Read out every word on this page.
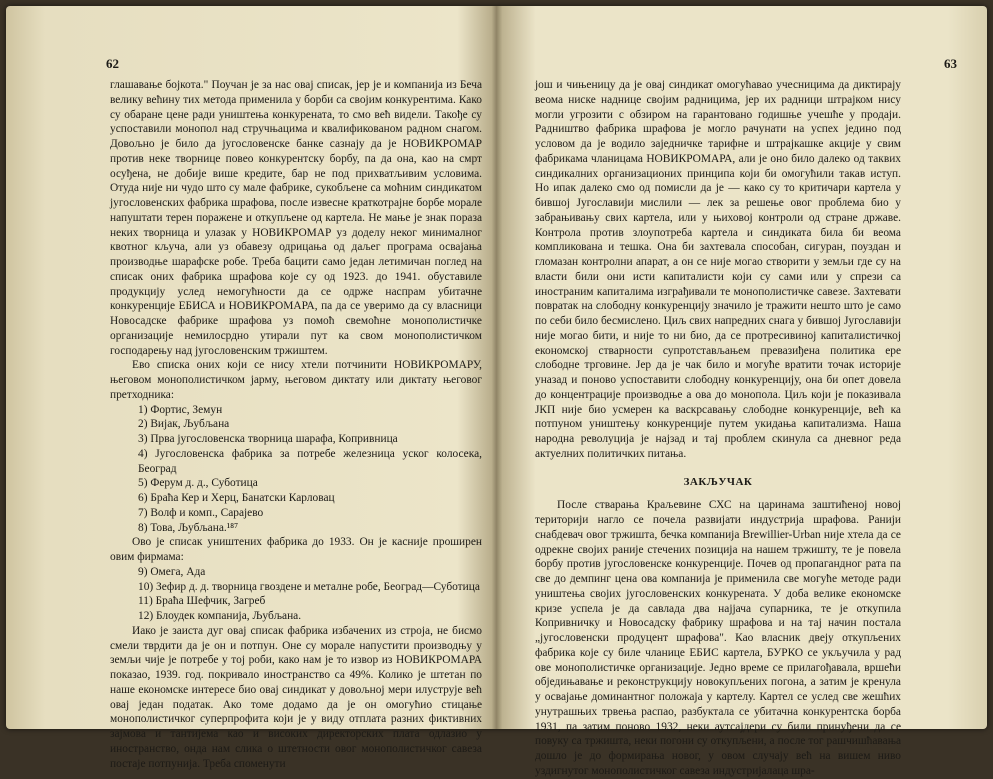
62

глашавање бојкота." Поучан је за нас овај списак, јер је и компанија из Беча велику већину тих метода применила у борби са својим конкурентима. Како су обаране цене ради уништења конкурената, то смо већ видели. Такође су успоставили монопол над стручњацима и квалификованом радном снагом. Довољно је било да југословенске банке сазнају да је НОВИКРОМАР против неке творнице повео конкурентску борбу, па да она, као на смрт осуђена, не добије више кредите, бар не под прихватљивим условима. Отуда није ни чудо што су мале фабрике, сукобљене са моћним синдикатом југословенских фабрика шрафова, после извесне краткотрајне борбе морале напуштати терен поражене и откупљене од картела. Не мање је знак пораза неких творница и улазак у НОВИКРОМАР уз доделу неког минималног квотног кључа, али уз обавезу одрицања од даљег програма освајања производње шарафске робе. Треба бацити само један летимичан поглед на списак оних фабрика шрафова које су од 1923. до 1941. обуставиле продукцију услед немогућности да се одрже наспрам убитачне конкуренције ЕБИСА и НОВИКРОМАРА, па да се уверимо да су власници Новосадске фабрике шрафова уз помоћ свемоћне монополистичке организације немилосрдно утирали пут ка свом монополистичком господарењу над југословенским тржиштем.

Ево списка оних који се нису хтели потчинити НОВИКРОМАРУ, његовом монополистичком јарму, његовом диктату или диктату његовог претходника:

1) Фортис, Земун
2) Вијак, Љубљана
3) Прва југословенска творница шарафа, Копривница
4) Југословенска фабрика за потребе железница уског колосека, Београд
5) Ферум д. д., Суботица
6) Браћа Кер и Херц, Банатски Карловац
7) Волф и комп., Сарајево
8) Това, Љубљана.¹⁸⁷

Ово је списак уништених фабрика до 1933. Он је касније проширен овим фирмама:

9) Омега, Ада
10) Зефир д. д. творница гвоздене и металне робе, Београд—Суботица
11) Браћа Шефчик, Загреб
12) Блоудек компанија, Љубљана.

Иако је заиста дуг овај списак фабрика избачених из строја, не бисмо смели тврдити да је он и потпун. Оне су морале напустити производњу у земљи чије је потребе у тој роби, како нам је то извор из НОВИКРОМАРА показао, 1939. год. покривало иностранство са 49%. Колико је штетан по наше економске интересе био овај синдикат у довољној мери илуструје већ овај један податак. Ако томе додамо да је он омогућио стицање монополистичког суперпрофита који је у виду отплата разних фиктивних зајмова и тантијема као и високих директорских плата одлазио у иностранство, онда нам слика о штетности овог монополистичког савеза постаје потпунија. Треба споменути

63

још и чињеницу да је овај синдикат омогућавао учесницима да диктирају веома ниске наднице својим радницима, јер их радници штрајком нису могли угрозити с обзиром на гарантовано годишње учешће у продаји. Радништво фабрика шрафова је могло рачунати на успех једино под условом да је водило заједничке тарифне и штрајкашке акције у свим фабрикама чланицама НОВИКРОМАРА, али је оно било далеко од таквих синдикалних организационих принципа који би омогућили такав иступ. Но ипак далеко смо од помисли да је — како су то критичари картела у бившој Југославији мислили — лек за решење овог проблема био у забрањивању свих картела, или у њиховој контроли од стране државе. Контрола против злоупотреба картела и синдиката била би веома компликована и тешка. Она би захтевала способан, сигуран, поуздан и гломазан контролни апарат, а он се није могао створити у земљи где су на власти били они исти капиталисти који су сами или у спрези са иностраним капиталима изграђивали те монополистичке савезе. Захтевати повратак на слободну конкуренцију значило је тражити нешто што је само по себи било бесмислено. Циљ свих напредних снага у бившој Југославији није могао бити, и није то ни био, да се протресивиној капиталистичкој економској стварности супротстављањем превазиђена политика ере слободне трговине. Јер да је чак било и могуће вратити точак историје уназад и поново успоставити слободну конкуренцију, она би опет довела до концентрације производње а ова до монопола. Циљ који је показивала ЈКП није био усмерен ка васкрсавању слободне конкуренције, већ ка потпуном уништењу конкуренције путем укидања капитализма. Наша народна револуција је најзад и тај проблем скинула са дневног реда актуелних политичких питања.

ЗАКЉУЧАК

После стварања Краљевине СХС на царинама заштићеној новој територији нагло се почела развијати индустрија шрафова. Ранији снабдевач овог тржишта, бечка компанија Brewillier-Urban није хтела да се одрекне својих раније стечених позиција на нашем тржишту, те је повела борбу против југословенске конкуренције. Почев од пропагандног рата па све до демпинг цена ова компанија је применила све могуће методе ради уништења својих југословенских конкурената. У доба велике економске кризе успела је да савлада два најјача супарника, те је откупила Копривничку и Новосадску фабрику шрафова и на тај начин постала „југословенски продуцент шрафова". Као власник двеју откупљених фабрика које су биле чланице ЕБИС картела, БУРКО се укључила у рад ове монополистичке организације. Једно време се прилагођавала, вршећи обједињавање и реконструкцију новокупљених погона, а затим је кренула у освајање доминантног положаја у картелу. Картел се услед све жешћих унутрашњих трвења распао, разбуктала се убитачна конкурентска борба 1931, па затим поново 1932, неки аутсајдери су били принуђени да се повуку са тржишта, неки погони су откупљени, а после тог рашчишћавања дошло је до формирања новог, у овом случају већ на вишем ниво уздигнутог монополистичког савеза индустријалаца шра-
